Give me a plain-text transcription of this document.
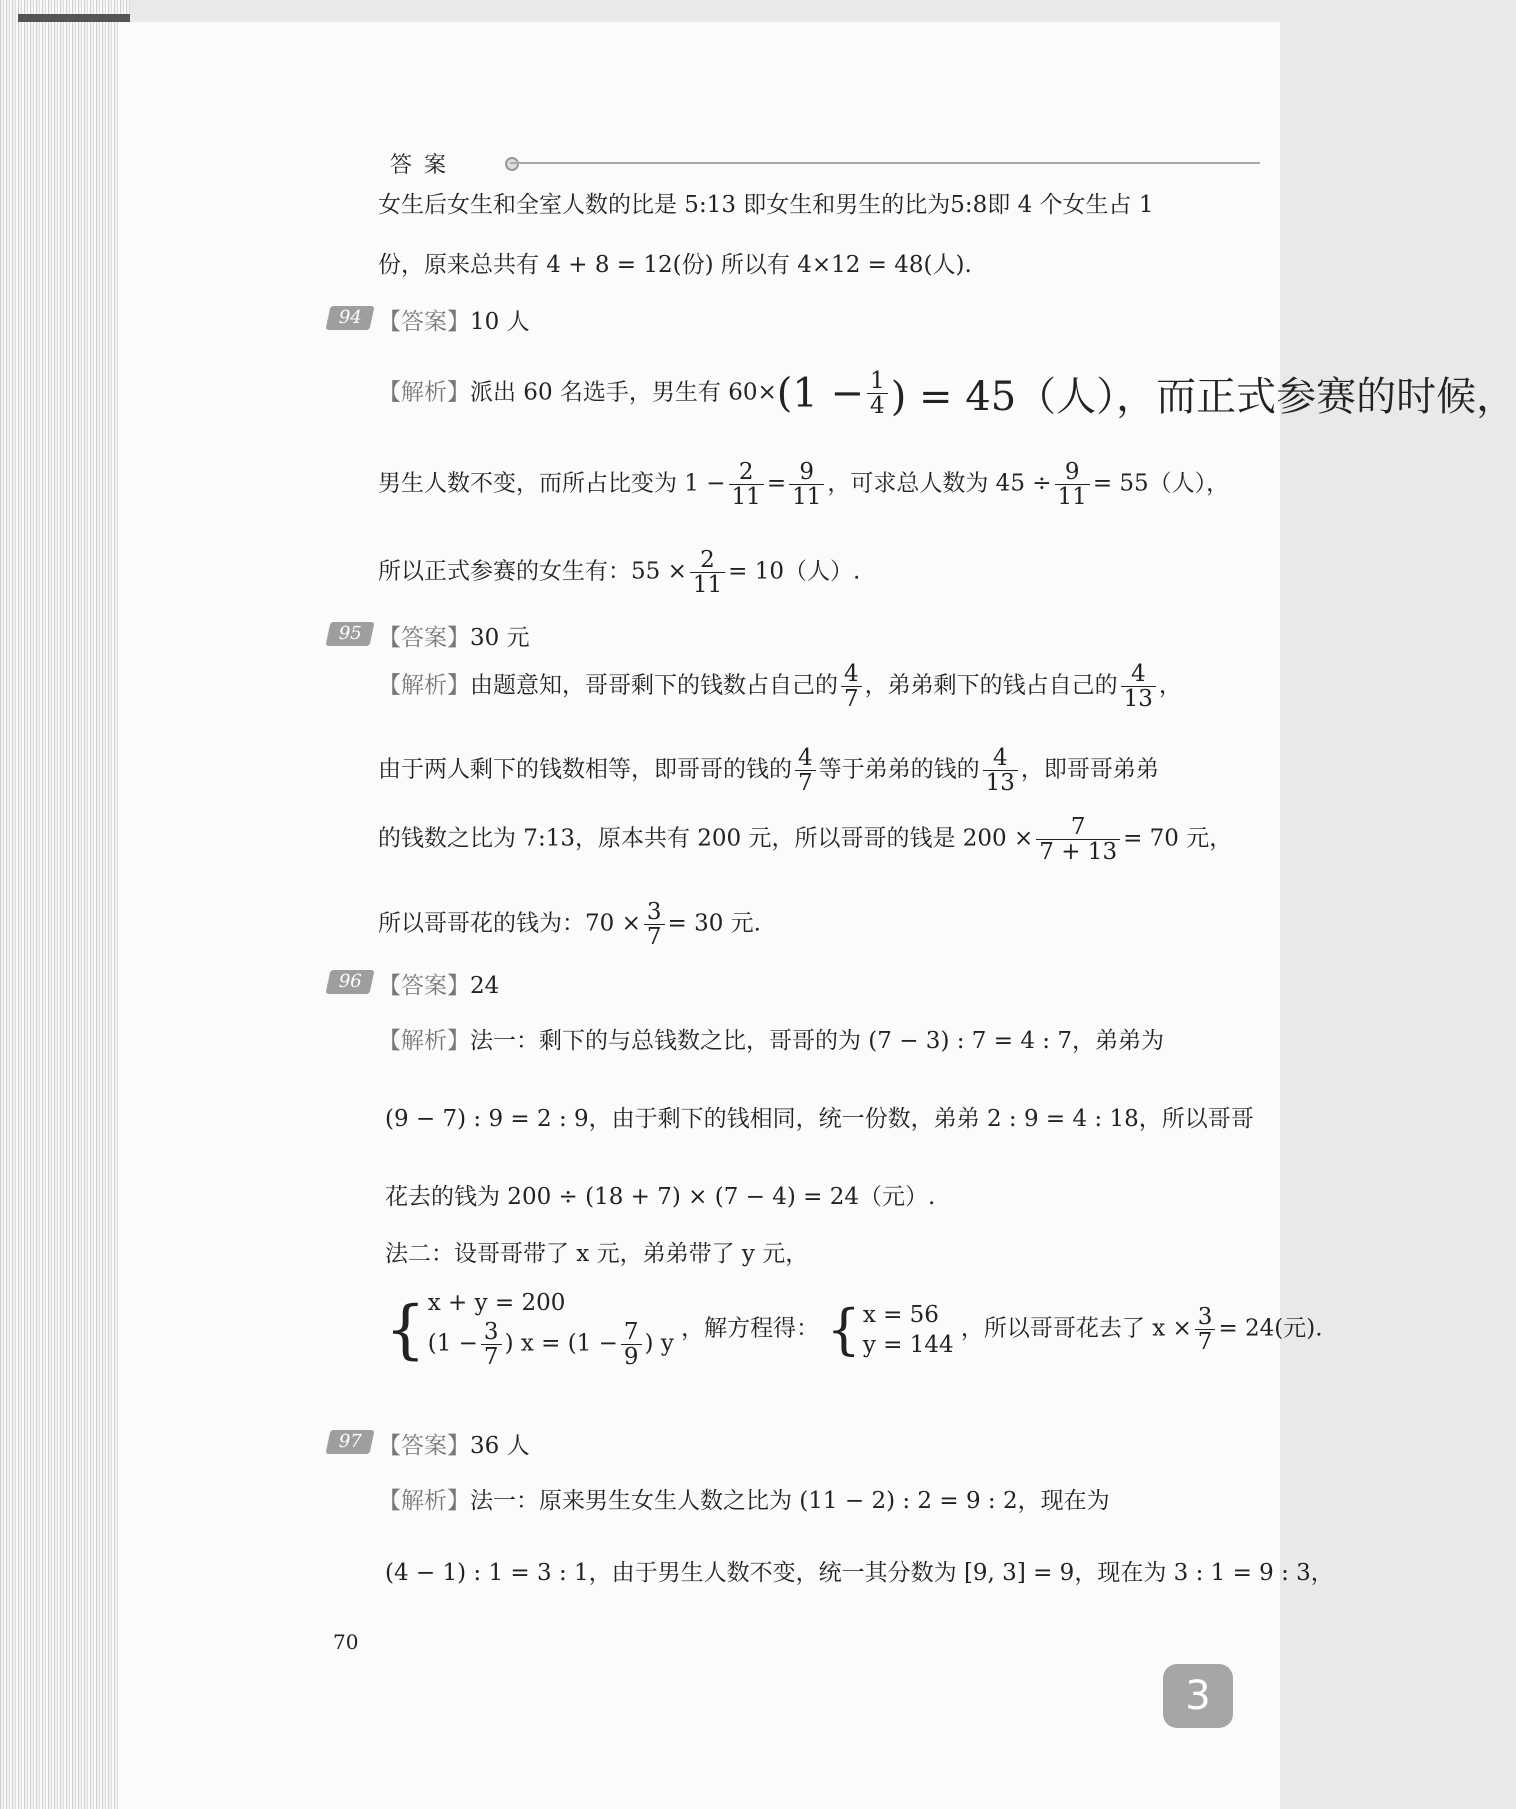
答案
女生后女生和全室人数的比是 5:13 即女生和男生的比为5:8即 4 个女生占 1
份，原来总共有 4 + 8 = 12(份) 所以有 4×12 = 48(人).
94 【答案】10 人
【解析】派出 60 名选手，男生有 $60\times(1 - \frac{1}{4}$ ) = 45（人），而正式参赛的时候，
男生人数不变，而所占比变为 $1 - \frac{2}{11} = \frac{9}{11}$ ，可求总人数为 $45 \div \frac{9}{11} = 55$（人），
所以正式参赛的女生有：$55 \times \frac{2}{11} = 10$（人）.
95 【答案】30 元
【解析】由题意知，哥哥剩下的钱数占自己的 $\frac{4}{7}$ ，弟弟剩下的钱占自己的 $\frac{4}{13}$ ，
由于两人剩下的钱数相等，即哥哥的钱的 $\frac{4}{7}$ 等于弟弟的钱的 $\frac{4}{13}$ ，即哥哥弟弟
的钱数之比为 7:13，原本共有 200 元，所以哥哥的钱是 $200 \times \frac{7}{7 + 13} = 70$ 元，
所以哥哥花的钱为：$70 \times \frac{3}{7} = 30$ 元.
96 【答案】24
【解析】法一：剩下的与总钱数之比，哥哥的为 (7 − 3) : 7 = 4 : 7，弟弟为
(9 − 7) : 9 = 2 : 9，由于剩下的钱相同，统一份数，弟弟 2 : 9 = 4 : 18，所以哥哥
花去的钱为 200 ÷ (18 + 7) × (7 − 4) = 24（元）.
法二：设哥哥带了 x 元，弟弟带了 y 元，
{ x + y = 200
($1 - \frac{3}{7}$ ) $x = (1 - \frac{7}{9}$ ) y
，解方程得： { x = 56
y = 144
，所以哥哥花去了 $x \times \frac{3}{7} = 24$(元).
97 【答案】36 人
【解析】法一：原来男生女生人数之比为 (11 − 2) : 2 = 9 : 2，现在为
(4 − 1) : 1 = 3 : 1，由于男生人数不变，统一其分数为 [9, 3] = 9，现在为 3 : 1 = 9 : 3，
70
3
